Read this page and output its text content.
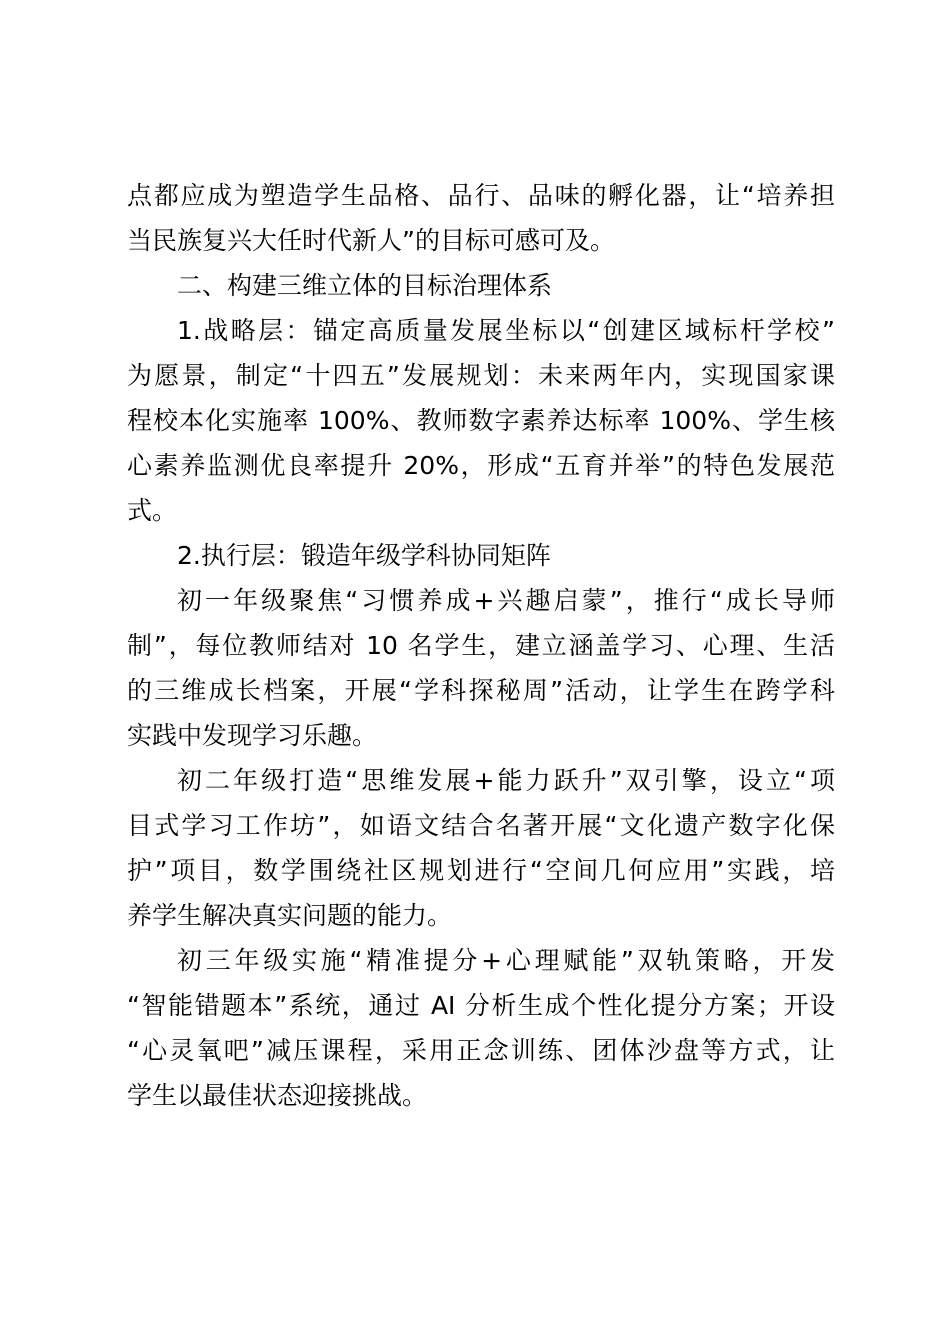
点都应成为塑造学生品格、品行、品味的孵化器，让“培养担
当民族复兴大任时代新人”的目标可感可及。
二、构建三维立体的目标治理体系
1.战略层：锚定高质量发展坐标以“创建区域标杆学校”
为愿景，制定“十四五”发展规划：未来两年内，实现国家课
程校本化实施率 100%、教师数字素养达标率 100%、学生核
心素养监测优良率提升 20%，形成“五育并举”的特色发展范
式。
2.执行层：锻造年级学科协同矩阵
初一年级聚焦“习惯养成+兴趣启蒙”，推行“成长导师
制”，每位教师结对 10 名学生，建立涵盖学习、心理、生活
的三维成长档案，开展“学科探秘周”活动，让学生在跨学科
实践中发现学习乐趣。
初二年级打造“思维发展+能力跃升”双引擎，设立“项
目式学习工作坊”，如语文结合名著开展“文化遗产数字化保
护”项目，数学围绕社区规划进行“空间几何应用”实践，培
养学生解决真实问题的能力。
初三年级实施“精准提分+心理赋能”双轨策略，开发
“智能错题本”系统，通过 AI 分析生成个性化提分方案；开设
“心灵氧吧”减压课程，采用正念训练、团体沙盘等方式，让
学生以最佳状态迎接挑战。
